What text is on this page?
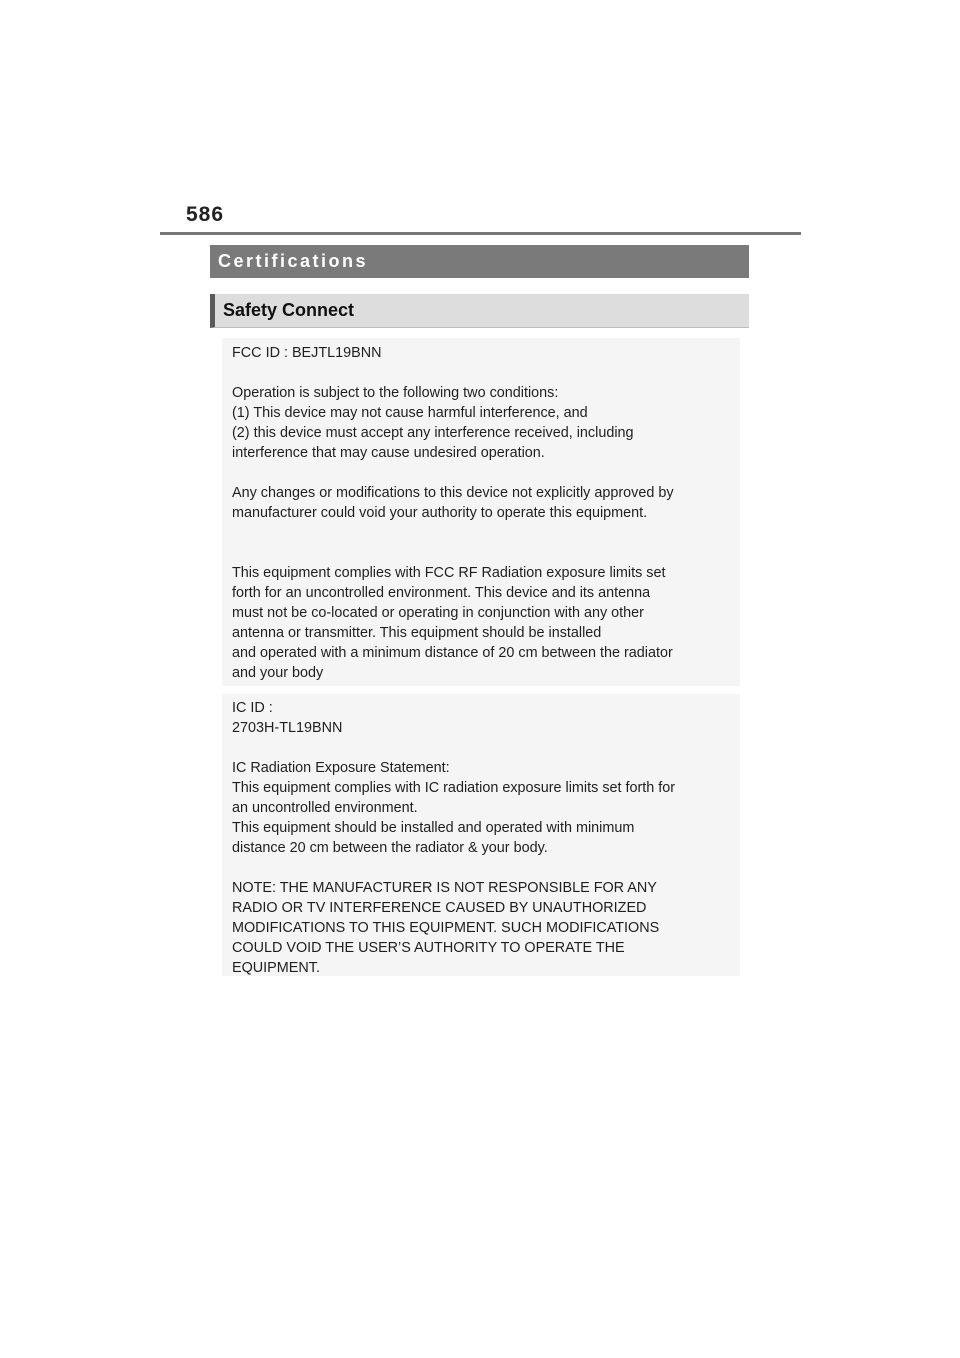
586
Certifications
Safety Connect

FCC ID : BEJTL19BNN

Operation is subject to the following two conditions:
(1) This device may not cause harmful interference, and
(2) this device must accept any interference received, including
interference that may cause undesired operation.

Any changes or modifications to this device not explicitly approved by
manufacturer could void your authority to operate this equipment.

This equipment complies with FCC RF Radiation exposure limits set
forth for an uncontrolled environment. This device and its antenna
must not be co-located or operating in conjunction with any other
antenna or transmitter. This equipment should be installed
and operated with a minimum distance of 20 cm between the radiator
and your body

IC ID :
2703H-TL19BNN

IC Radiation Exposure Statement:
This equipment complies with IC radiation exposure limits set forth for
an uncontrolled environment.
This equipment should be installed and operated with minimum
distance 20 cm between the radiator & your body.

NOTE: THE MANUFACTURER IS NOT RESPONSIBLE FOR ANY
RADIO OR TV INTERFERENCE CAUSED BY UNAUTHORIZED
MODIFICATIONS TO THIS EQUIPMENT. SUCH MODIFICATIONS
COULD VOID THE USER’S AUTHORITY TO OPERATE THE
EQUIPMENT.
